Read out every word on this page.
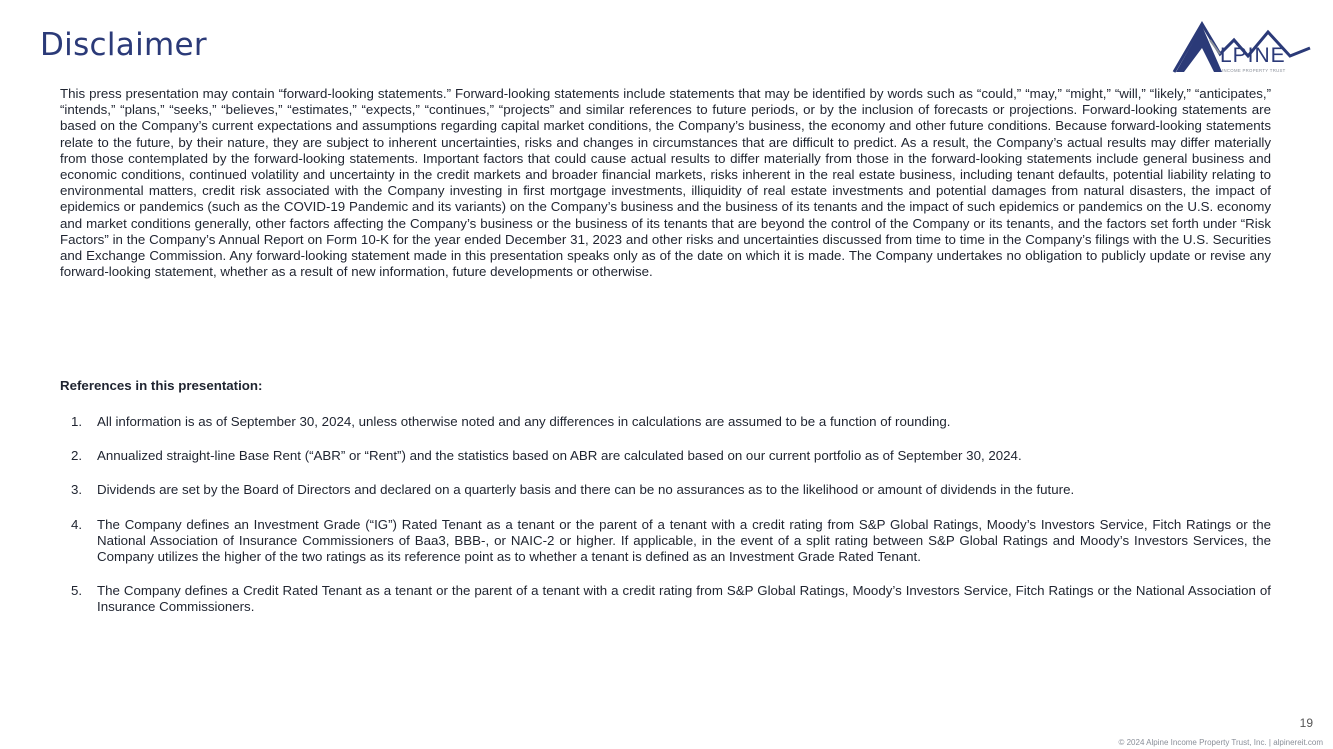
Disclaimer	LPINE
INCOME PROPERTY TRUST

This press presentation may contain “forward-looking statements.” Forward-looking statements include statements that may be identified by words such as “could,” “may,” “might,” “will,” “likely,” “anticipates,” “intends,” “plans,” “seeks,” “believes,” “estimates,” “expects,” “continues,” “projects” and similar references to future periods, or by the inclusion of forecasts or projections. Forward-looking statements are based on the Company’s current expectations and assumptions regarding capital market conditions, the Company’s business, the economy and other future conditions. Because forward-looking statements relate to the future, by their nature, they are subject to inherent uncertainties, risks and changes in circumstances that are difficult to predict. As a result, the Company’s actual results may differ materially from those contemplated by the forward-looking statements. Important factors that could cause actual results to differ materially from those in the forward-looking statements include general business and economic conditions, continued volatility and uncertainty in the credit markets and broader financial markets, risks inherent in the real estate business, including tenant defaults, potential liability relating to environmental matters, credit risk associated with the Company investing in first mortgage investments, illiquidity of real estate investments and potential damages from natural disasters, the impact of epidemics or pandemics (such as the COVID-19 Pandemic and its variants) on the Company’s business and the business of its tenants and the impact of such epidemics or pandemics on the U.S. economy and market conditions generally, other factors affecting the Company’s business or the business of its tenants that are beyond the control of the Company or its tenants, and the factors set forth under “Risk Factors” in the Company’s Annual Report on Form 10-K for the year ended December 31, 2023 and other risks and uncertainties discussed from time to time in the Company’s filings with the U.S. Securities and Exchange Commission. Any forward-looking statement made in this presentation speaks only as of the date on which it is made. The Company undertakes no obligation to publicly update or revise any forward-looking statement, whether as a result of new information, future developments or otherwise.

References in this presentation:

1. All information is as of September 30, 2024, unless otherwise noted and any differences in calculations are assumed to be a function of rounding.
2. Annualized straight-line Base Rent (“ABR” or “Rent”) and the statistics based on ABR are calculated based on our current portfolio as of September 30, 2024.
3. Dividends are set by the Board of Directors and declared on a quarterly basis and there can be no assurances as to the likelihood or amount of dividends in the future.
4. The Company defines an Investment Grade (“IG”) Rated Tenant as a tenant or the parent of a tenant with a credit rating from S&P Global Ratings, Moody’s Investors Service, Fitch Ratings or the National Association of Insurance Commissioners of Baa3, BBB-, or NAIC-2 or higher. If applicable, in the event of a split rating between S&P Global Ratings and Moody’s Investors Services, the Company utilizes the higher of the two ratings as its reference point as to whether a tenant is defined as an Investment Grade Rated Tenant.
5. The Company defines a Credit Rated Tenant as a tenant or the parent of a tenant with a credit rating from S&P Global Ratings, Moody’s Investors Service, Fitch Ratings or the National Association of Insurance Commissioners.
19
© 2024 Alpine Income Property Trust, Inc. | alpinereit.com
